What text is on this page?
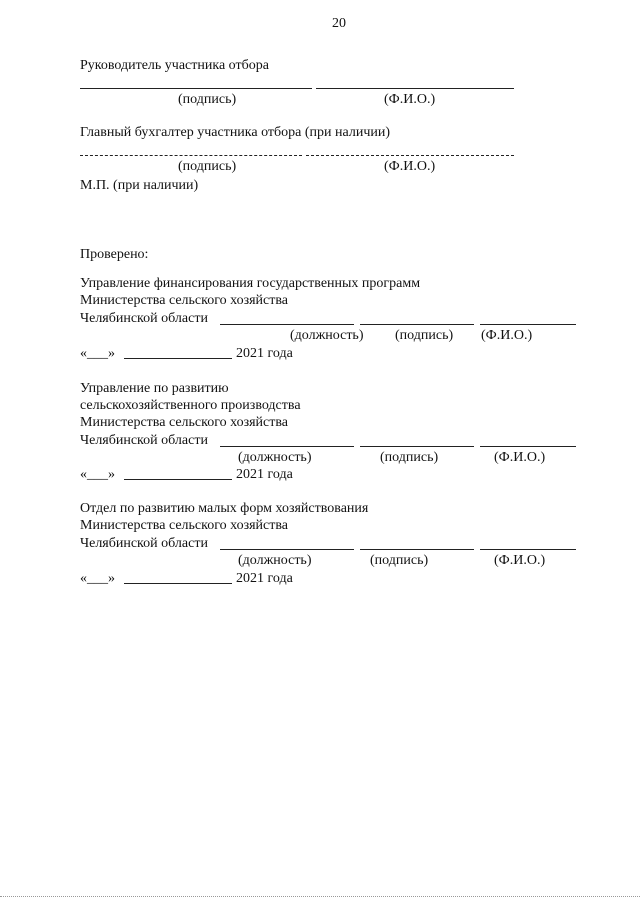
20
Руководитель участника отбора
(подпись)	(Ф.И.О.)
Главный бухгалтер участника отбора (при наличии)
(подпись)	(Ф.И.О.)
М.П. (при наличии)
Проверено:
Управление финансирования государственных программ
Министерства сельского хозяйства
Челябинской области
(должность) (подпись) (Ф.И.О.)
«___»	2021 года
Управление по развитию
сельскохозяйственного производства
Министерства сельского хозяйства
Челябинской области
(должность)	(подпись)	(Ф.И.О.)
«___»	2021 года
Отдел по развитию малых форм хозяйствования
Министерства сельского хозяйства
Челябинской области
(должность)	(подпись)	(Ф.И.О.)
«___»	2021 года
